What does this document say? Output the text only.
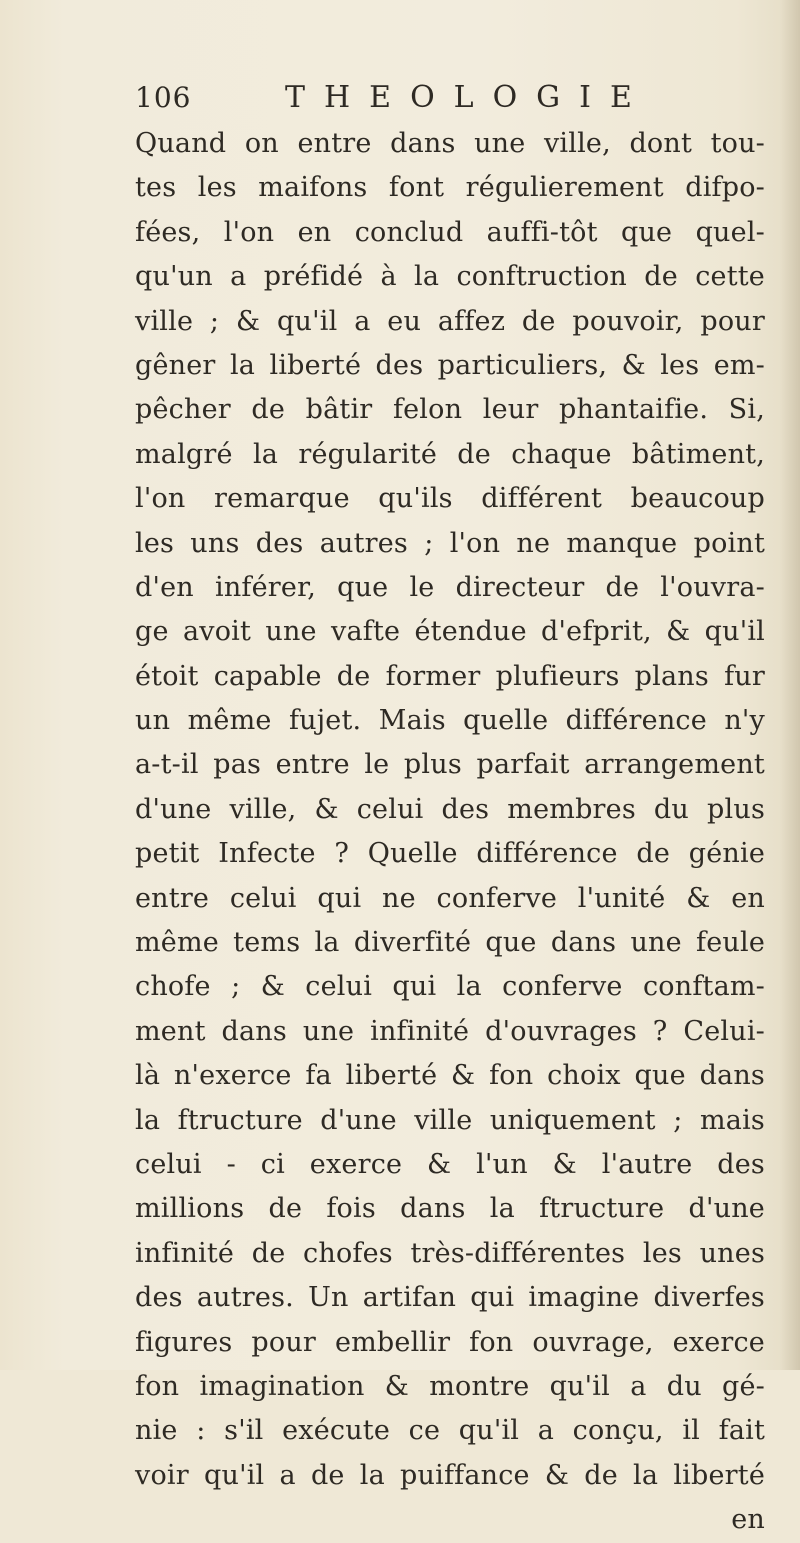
106	THEOLOGIE
Quand on entre dans une ville, dont tou-
tes les maifons font régulierement difpo-
fées, l'on en conclud auffi-tôt que quel-
qu'un a préfidé à la conftruction de cette
ville ; & qu'il a eu affez de pouvoir, pour
gêner la liberté des particuliers, & les em-
pêcher de bâtir felon leur phantaifie. Si,
malgré la régularité de chaque bâtiment,
l'on remarque qu'ils différent beaucoup
les uns des autres ; l'on ne manque point
d'en inférer, que le directeur de l'ouvra-
ge avoit une vafte étendue d'efprit, & qu'il
étoit capable de former plufieurs plans fur
un même fujet. Mais quelle différence n'y
a-t-il pas entre le plus parfait arrangement
d'une ville, & celui des membres du plus
petit Infecte ? Quelle différence de génie
entre celui qui ne conferve l'unité & en
même tems la diverfité que dans une feule
chofe ; & celui qui la conferve conftam-
ment dans une infinité d'ouvrages ? Celui-
là n'exerce fa liberté & fon choix que dans
la ftructure d'une ville uniquement ; mais
celui - ci exerce & l'un & l'autre des
millions de fois dans la ftructure d'une
infinité de chofes très-différentes les unes
des autres. Un artifan qui imagine diverfes
figures pour embellir fon ouvrage, exerce
fon imagination & montre qu'il a du gé-
nie : s'il exécute ce qu'il a conçu, il fait
voir qu'il a de la puiffance & de la liberté
en
